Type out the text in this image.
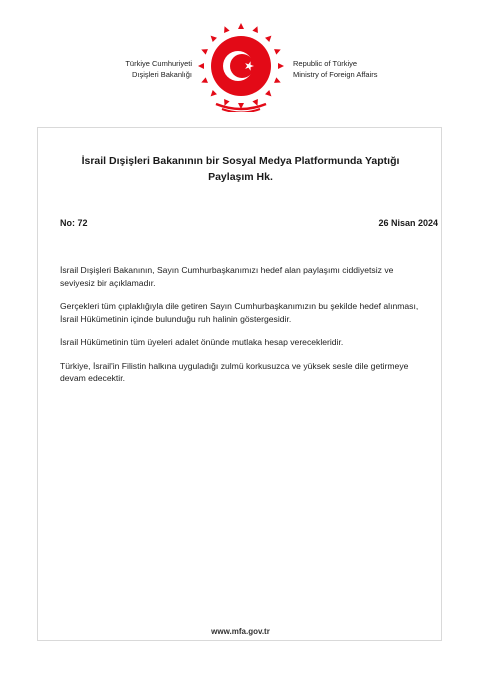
Türkiye Cumhuriyeti
Dışişleri Bakanlığı
Republic of Türkiye
Ministry of Foreign Affairs
İsrail Dışişleri Bakanının bir Sosyal Medya Platformunda Yaptığı
Paylaşım Hk.
No: 72	26 Nisan 2024

İsrail Dışişleri Bakanının, Sayın Cumhurbaşkanımızı hedef alan paylaşımı ciddiyetsiz ve seviyesiz bir açıklamadır.

Gerçekleri tüm çıplaklığıyla dile getiren Sayın Cumhurbaşkanımızın bu şekilde hedef alınması, İsrail Hükümetinin içinde bulunduğu ruh halinin göstergesidir.

İsrail Hükümetinin tüm üyeleri adalet önünde mutlaka hesap verecekleridir.

Türkiye, İsrail'in Filistin halkına uyguladığı zulmü korkusuzca ve yüksek sesle dile getirmeye devam edecektir.

www.mfa.gov.tr
